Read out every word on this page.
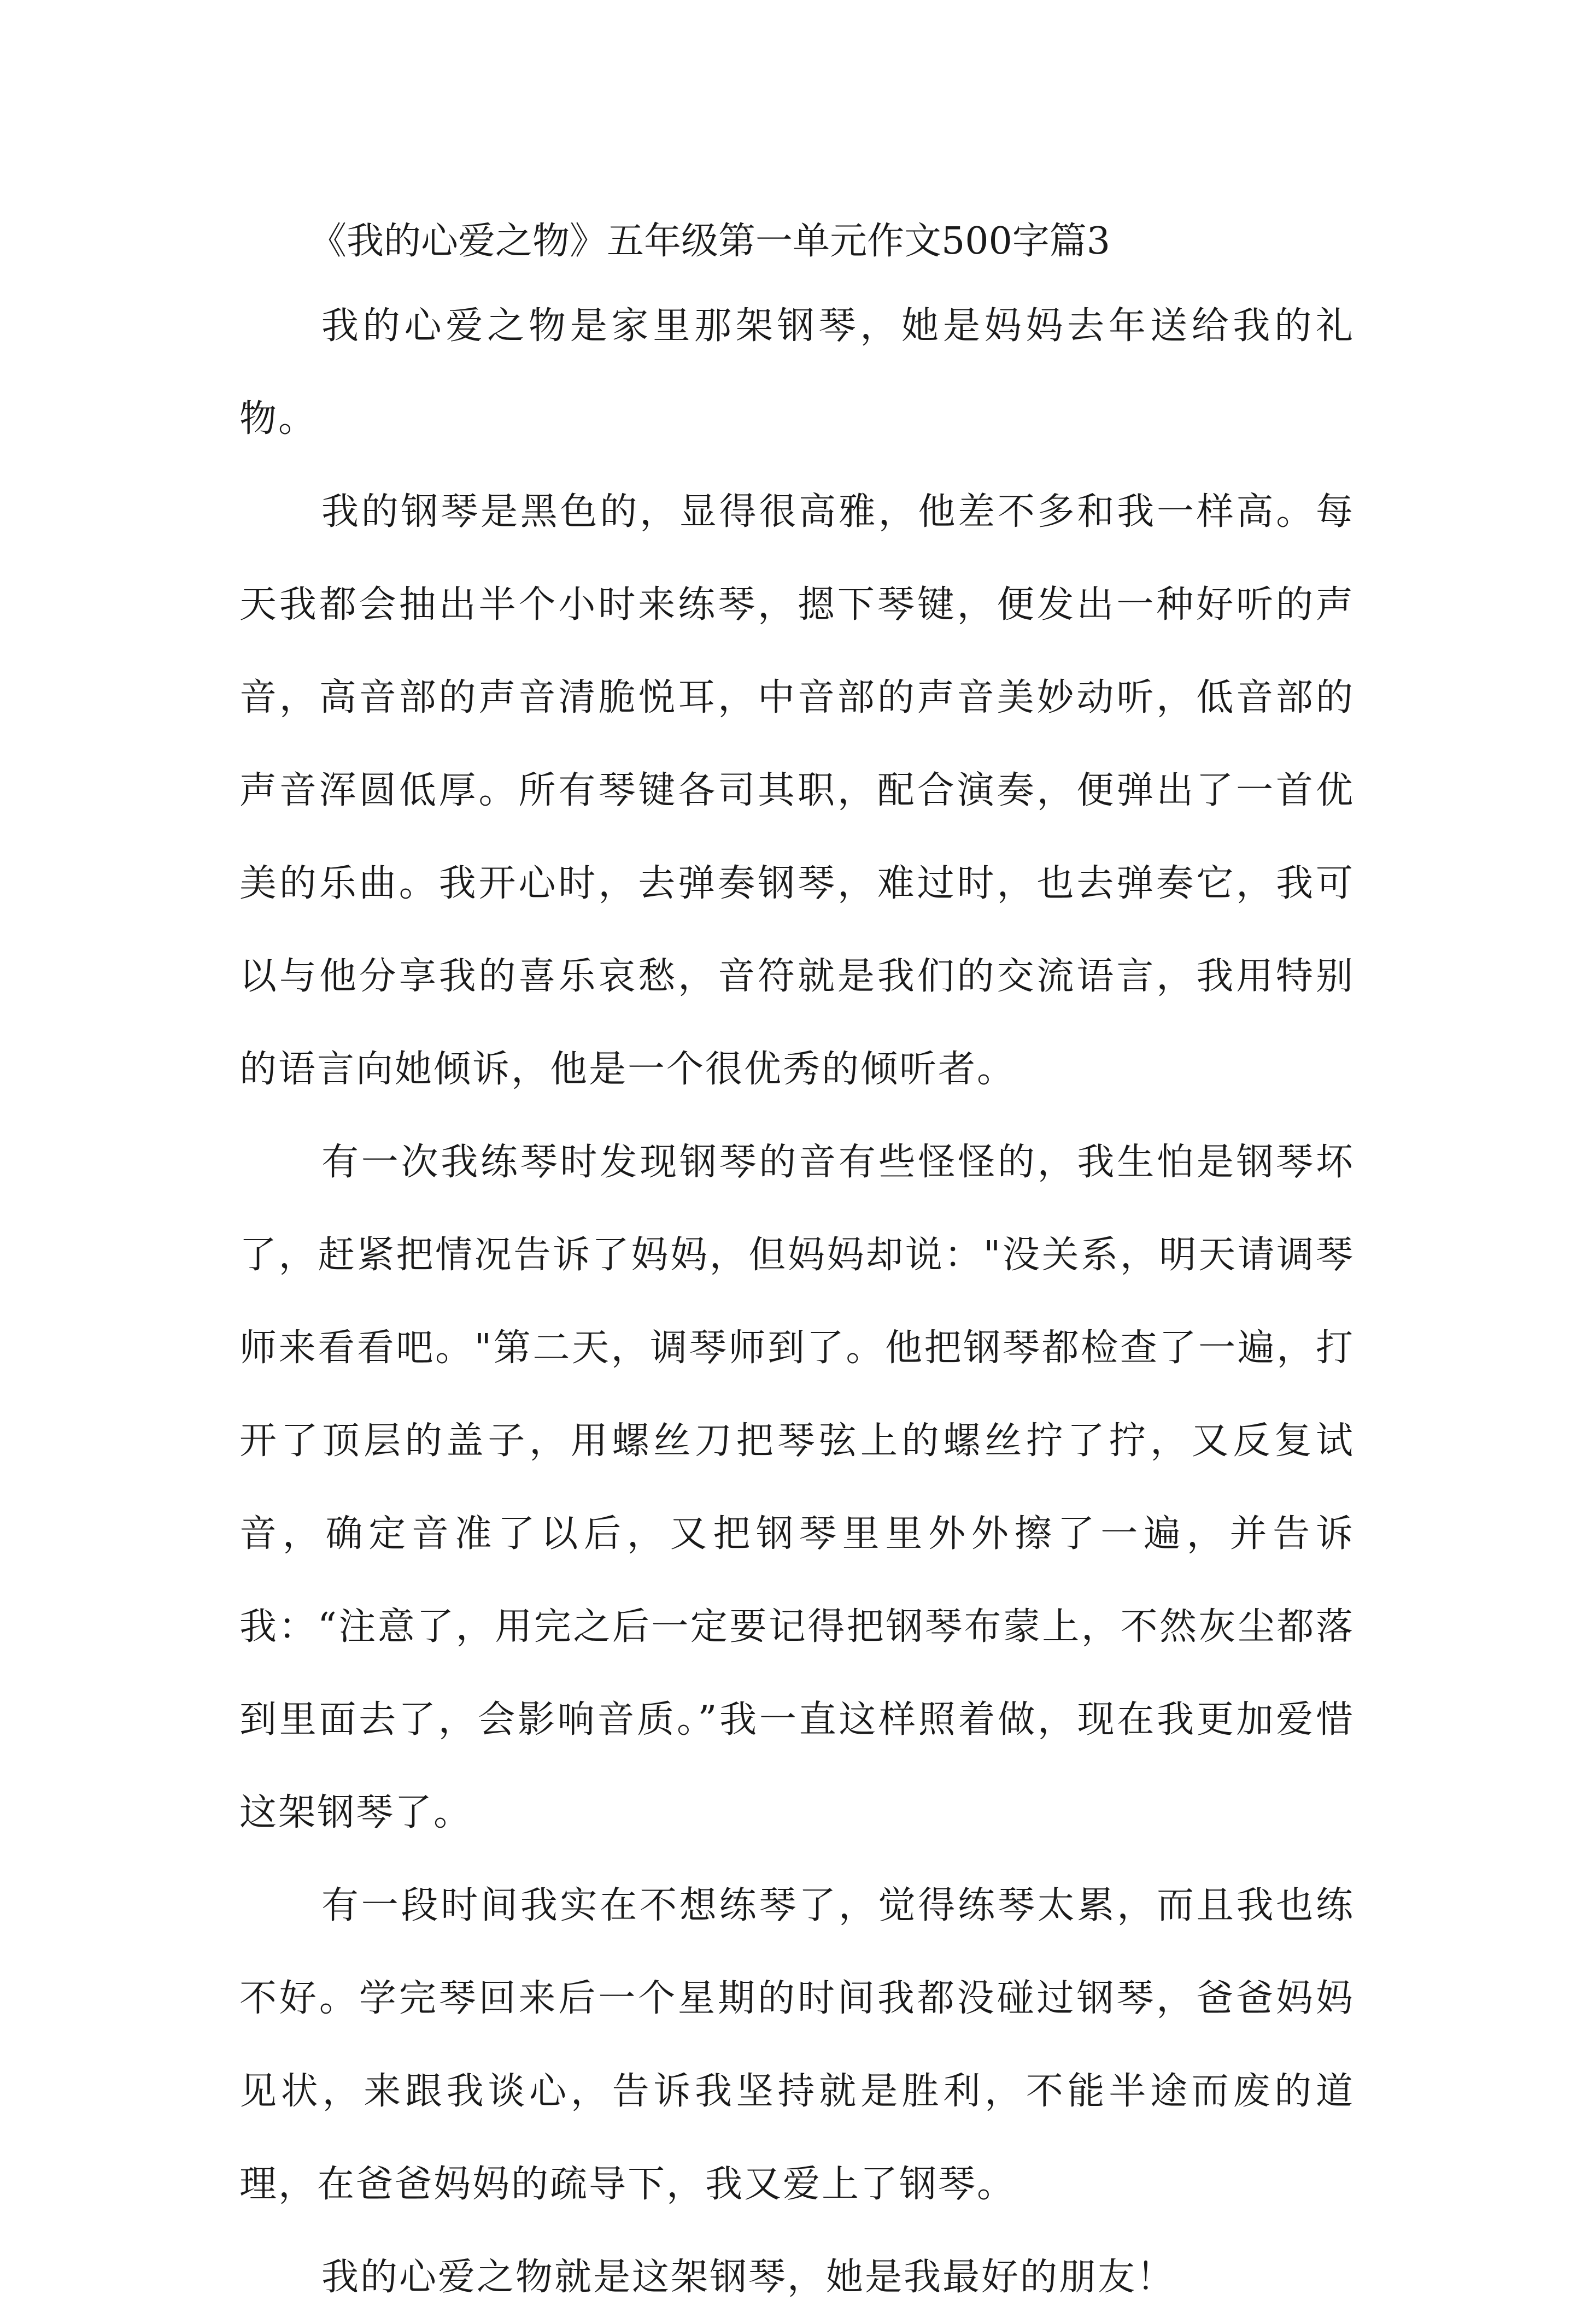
《我的心爱之物》五年级第一单元作文500字篇3

我的心爱之物是家里那架钢琴，她是妈妈去年送给我的礼物。

我的钢琴是黑色的，显得很高雅，他差不多和我一样高。每天我都会抽出半个小时来练琴，摁下琴键，便发出一种好听的声音，高音部的声音清脆悦耳，中音部的声音美妙动听，低音部的声音浑圆低厚。所有琴键各司其职，配合演奏，便弹出了一首优美的乐曲。我开心时，去弹奏钢琴，难过时，也去弹奏它，我可以与他分享我的喜乐哀愁，音符就是我们的交流语言，我用特别的语言向她倾诉，他是一个很优秀的倾听者。

有一次我练琴时发现钢琴的音有些怪怪的，我生怕是钢琴坏了，赶紧把情况告诉了妈妈，但妈妈却说："没关系，明天请调琴师来看看吧。"第二天，调琴师到了。他把钢琴都检查了一遍，打开了顶层的盖子，用螺丝刀把琴弦上的螺丝拧了拧，又反复试音，确定音准了以后，又把钢琴里里外外擦了一遍，并告诉我：“注意了，用完之后一定要记得把钢琴布蒙上，不然灰尘都落到里面去了，会影响音质。”我一直这样照着做，现在我更加爱惜这架钢琴了。

有一段时间我实在不想练琴了，觉得练琴太累，而且我也练不好。学完琴回来后一个星期的时间我都没碰过钢琴，爸爸妈妈见状，来跟我谈心，告诉我坚持就是胜利，不能半途而废的道理，在爸爸妈妈的疏导下，我又爱上了钢琴。

我的心爱之物就是这架钢琴，她是我最好的朋友！
